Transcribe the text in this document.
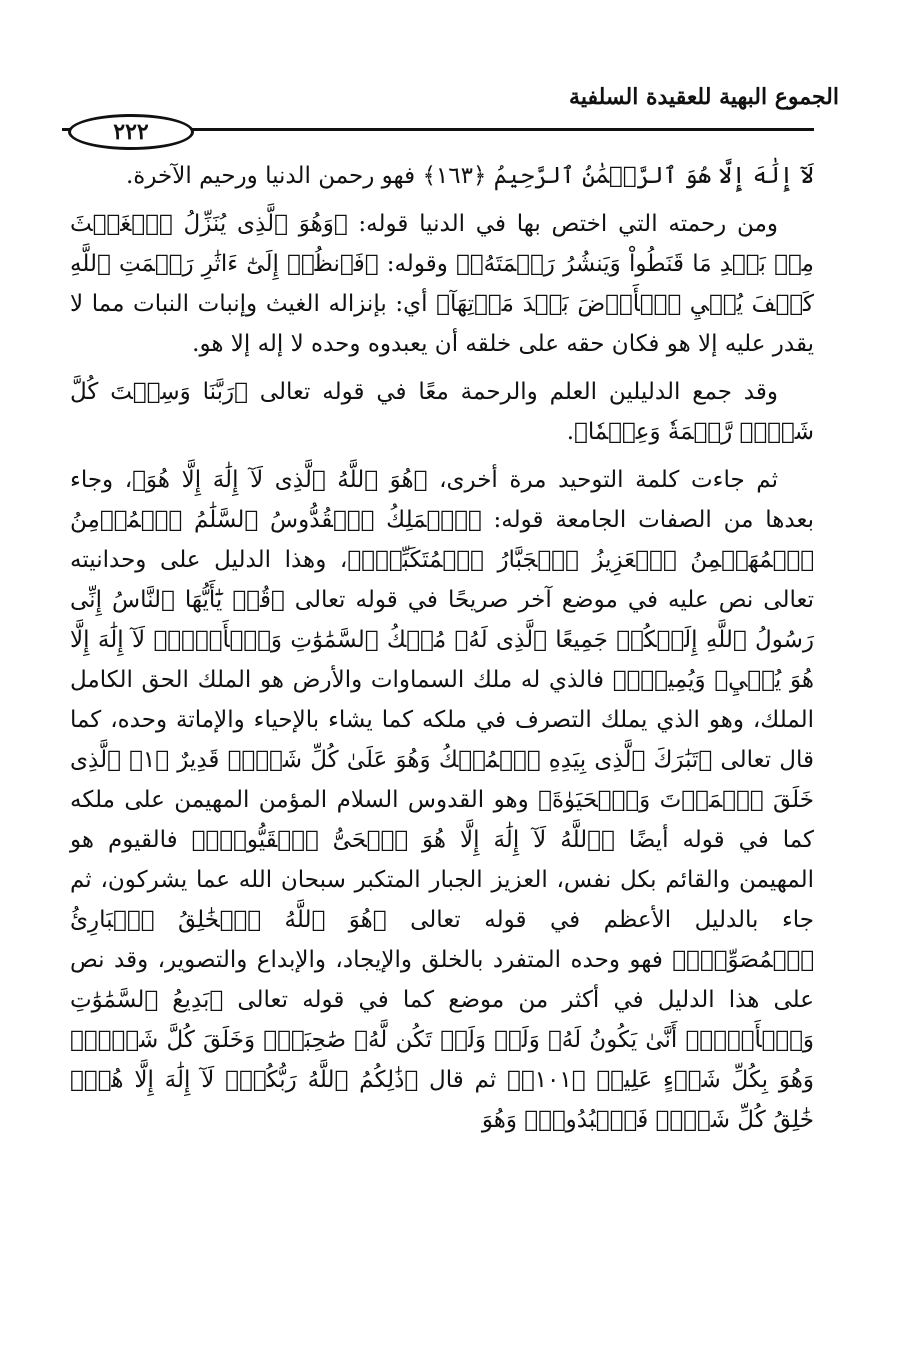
الجموع البهية للعقيدة السلفية
٢٢٢

لَآ إِلَٰهَ إِلَّا هُوَ ٱلرَّحۡمَٰنُ ٱلرَّحِيمُ ﴿١٦٣﴾ فهو رحمن الدنيا ورحيم الآخرة.

ومن رحمته التي اختص بها في الدنيا قوله: ﴿وَهُوَ ٱلَّذِى يُنَزِّلُ ٱلۡغَيۡثَ مِنۢ بَعۡدِ مَا قَنَطُواْ وَيَنشُرُ رَحۡمَتَهُۥ﴾ وقوله: ﴿فَٱنظُرۡ إِلَىٰٓ ءَاثَٰرِ رَحۡمَتِ ٱللَّهِ كَيۡفَ يُحۡيِ ٱلۡأَرۡضَ بَعۡدَ مَوۡتِهَآ﴾ أي: بإنزاله الغيث وإنبات النبات مما لا يقدر عليه إلا هو فكان حقه على خلقه أن يعبدوه وحده لا إله إلا هو.

وقد جمع الدليلين العلم والرحمة معًا في قوله تعالى ﴿رَبَّنَا وَسِعۡتَ كُلَّ شَيۡءٖ رَّحۡمَةٗ وَعِلۡمٗا﴾.

ثم جاءت كلمة التوحيد مرة أخرى، ﴿هُوَ ٱللَّهُ ٱلَّذِى لَآ إِلَٰهَ إِلَّا هُوَ﴾، وجاء بعدها من الصفات الجامعة قوله: ﴿ٱلۡمَلِكُ ٱلۡقُدُّوسُ ٱلسَّلَٰمُ ٱلۡمُؤۡمِنُ ٱلۡمُهَيۡمِنُ ٱلۡعَزِيزُ ٱلۡجَبَّارُ ٱلۡمُتَكَبِّرُۚ﴾، وهذا الدليل على وحدانيته تعالى نص عليه في موضع آخر صريحًا في قوله تعالى ﴿قُلۡ يَٰٓأَيُّهَا ٱلنَّاسُ إِنِّى رَسُولُ ٱللَّهِ إِلَيۡكُمۡ جَمِيعًا ٱلَّذِى لَهُۥ مُلۡكُ ٱلسَّمَٰوَٰتِ وَٱلۡأَرۡضِۖ لَآ إِلَٰهَ إِلَّا هُوَ يُحۡيِۦ وَيُمِيتُۖ﴾ فالذي له ملك السماوات والأرض هو الملك الحق الكامل الملك، وهو الذي يملك التصرف في ملكه كما يشاء بالإحياء والإماتة وحده، كما قال تعالى ﴿تَبَٰرَكَ ٱلَّذِى بِيَدِهِ ٱلۡمُلۡكُ وَهُوَ عَلَىٰ كُلِّ شَيۡءٖ قَدِيرٌ ﴿١﴾ ٱلَّذِى خَلَقَ ٱلۡمَوۡتَ وَٱلۡحَيَوٰةَ﴾ وهو القدوس السلام المؤمن المهيمن على ملكه كما في قوله أيضًا ﴿ٱللَّهُ لَآ إِلَٰهَ إِلَّا هُوَ ٱلۡحَىُّ ٱلۡقَيُّومُۚ﴾ فالقيوم هو المهيمن والقائم بكل نفس، العزيز الجبار المتكبر سبحان الله عما يشركون، ثم جاء بالدليل الأعظم في قوله تعالى ﴿هُوَ ٱللَّهُ ٱلۡخَٰلِقُ ٱلۡبَارِئُ ٱلۡمُصَوِّرُۖ﴾ فهو وحده المتفرد بالخلق والإيجاد، والإبداع والتصوير، وقد نص على هذا الدليل في أكثر من موضع كما في قوله تعالى ﴿بَدِيعُ ٱلسَّمَٰوَٰتِ وَٱلۡأَرۡضِۖ أَنَّىٰ يَكُونُ لَهُۥ وَلَدٞ وَلَمۡ تَكُن لَّهُۥ صَٰحِبَةٞۖ وَخَلَقَ كُلَّ شَيۡءٖۖ وَهُوَ بِكُلِّ شَيۡءٍ عَلِيمٞ ﴿١٠١﴾﴾ ثم قال ﴿ذَٰلِكُمُ ٱللَّهُ رَبُّكُمۡۖ لَآ إِلَٰهَ إِلَّا هُوَۖ خَٰلِقُ كُلِّ شَيۡءٖ فَٱعۡبُدُوهُۚ وَهُوَ
